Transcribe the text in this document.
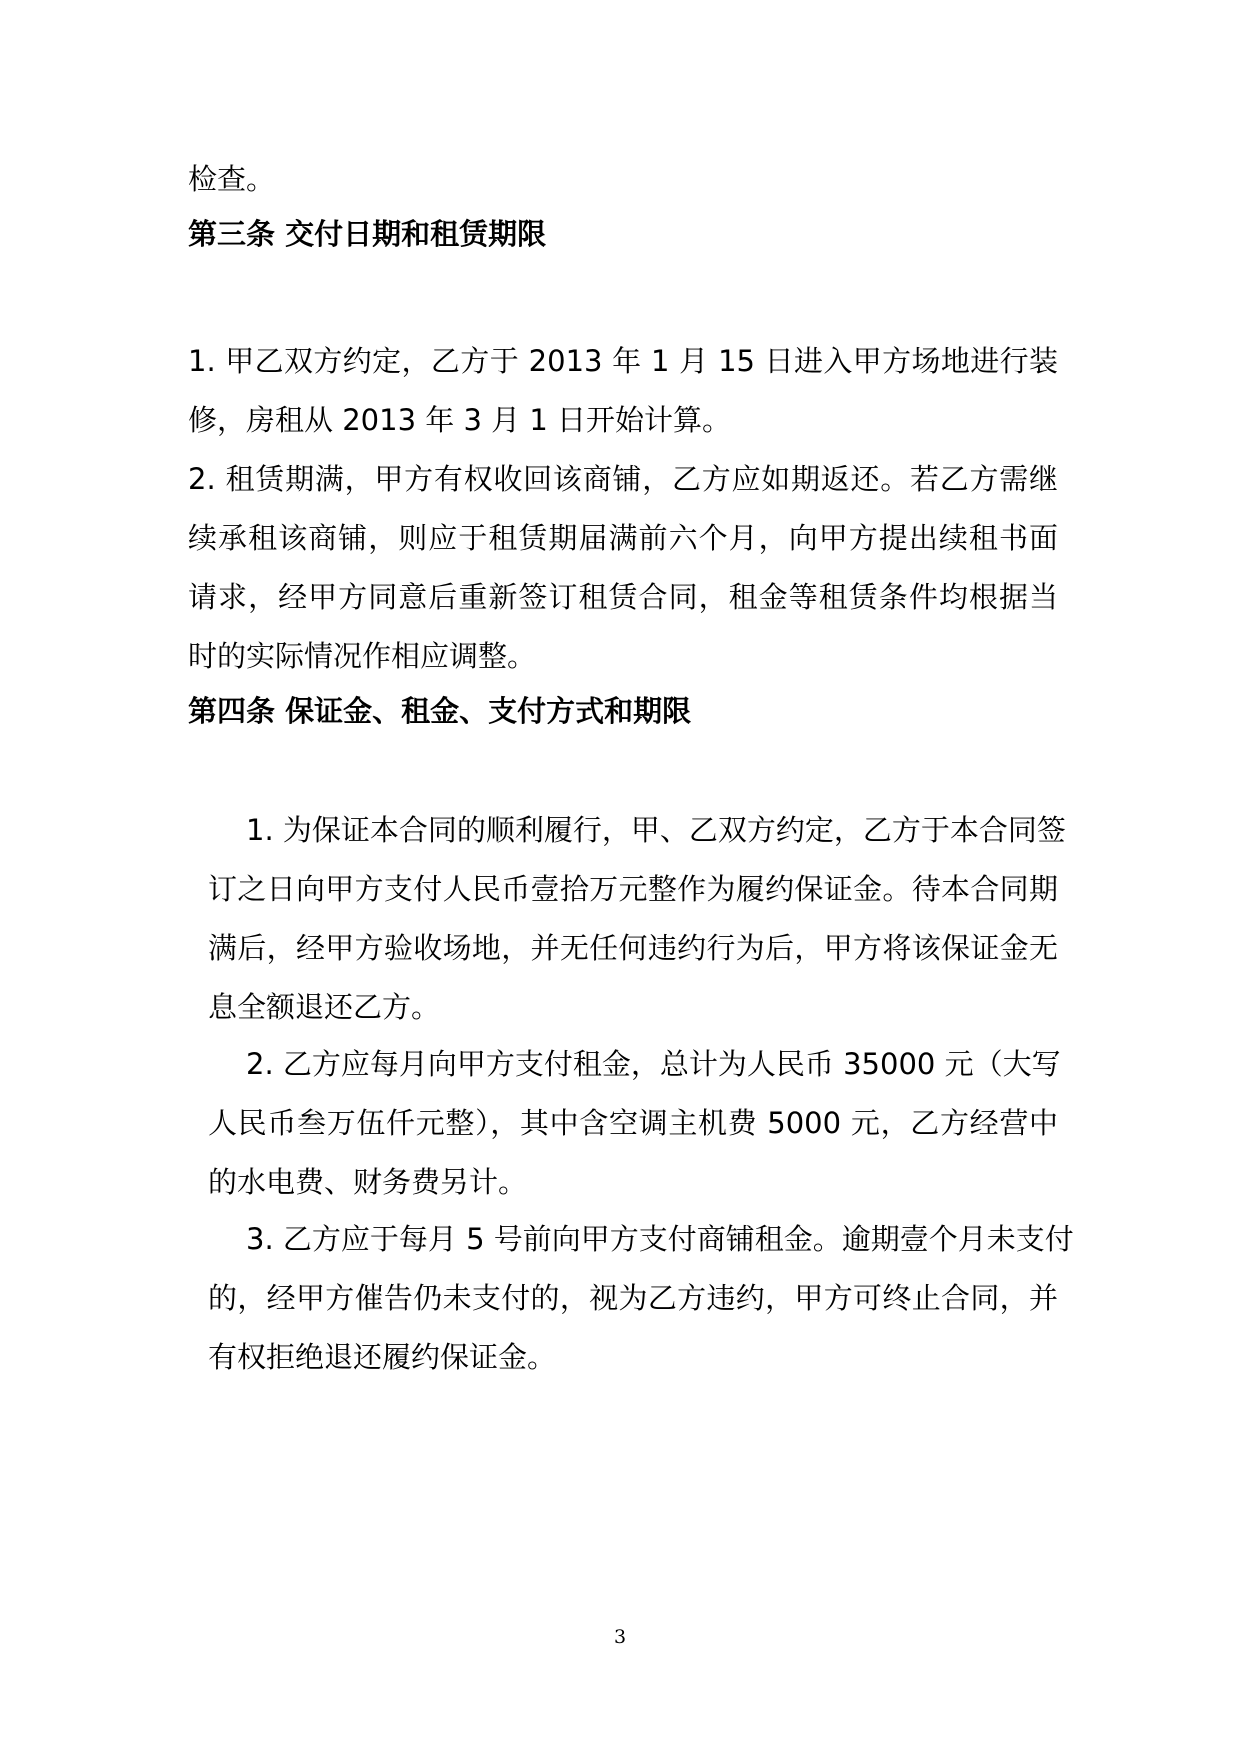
检查。
第三条 交付日期和租赁期限
1. 甲乙双方约定，乙方于 2013 年 1 月 15 日进入甲方场地进行装
修，房租从 2013 年 3 月 1 日开始计算。
2. 租赁期满，甲方有权收回该商铺，乙方应如期返还。若乙方需继
续承租该商铺，则应于租赁期届满前六个月，向甲方提出续租书面
请求，经甲方同意后重新签订租赁合同，租金等租赁条件均根据当
时的实际情况作相应调整。
第四条 保证金、租金、支付方式和期限
1. 为保证本合同的顺利履行，甲、乙双方约定，乙方于本合同签
订之日向甲方支付人民币壹拾万元整作为履约保证金。待本合同期
满后，经甲方验收场地，并无任何违约行为后，甲方将该保证金无
息全额退还乙方。
2. 乙方应每月向甲方支付租金，总计为人民币 35000 元（大写
人民币叁万伍仟元整），其中含空调主机费 5000 元，乙方经营中
的水电费、财务费另计。
3. 乙方应于每月 5 号前向甲方支付商铺租金。逾期壹个月未支付
的，经甲方催告仍未支付的，视为乙方违约，甲方可终止合同，并
有权拒绝退还履约保证金。
3
